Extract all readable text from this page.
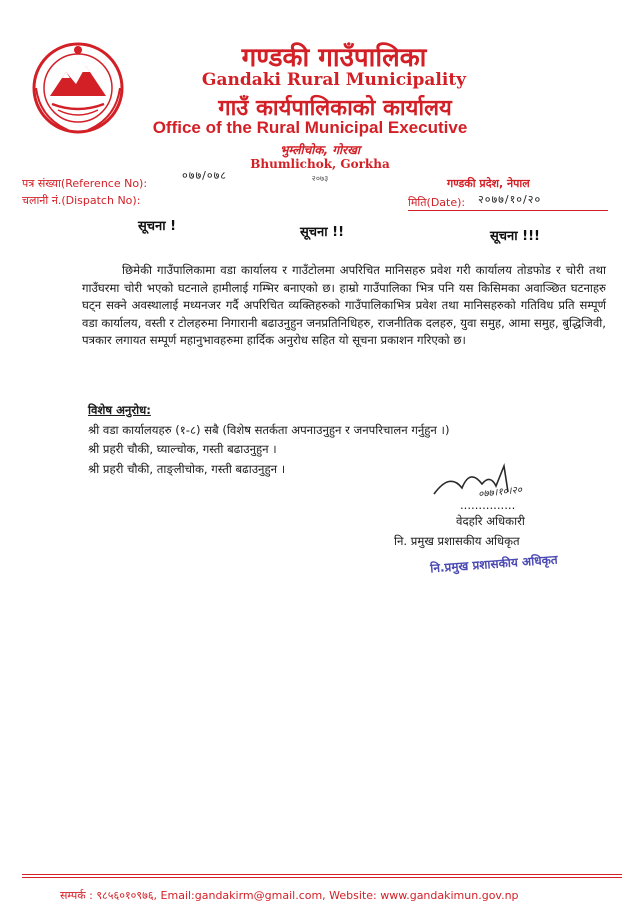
गण्डकी गाउँपालिका
Gandaki Rural Municipality
गाउँ कार्यपालिकाको कार्यालय
Office of the Rural Municipal Executive
भुम्लीचोक, गोरखा
Bhumlichok, Gorkha
२०७३
पत्र संख्या(Reference No):
०७७/०७८
चलानी नं.(Dispatch No):
गण्डकी प्रदेश, नेपाल
मिति(Date): २०७७/१०/२०
सूचना !	सूचना !!	सूचना !!!
छिमेकी गाउँपालिकामा वडा कार्यालय र गाउँटोलमा अपरिचित मानिसहरु प्रवेश गरी कार्यालय तोडफोड र चोरी तथा गाउँघरमा चोरी भएको घटनाले हामीलाई गम्भिर बनाएको छ। हाम्रो गाउँपालिका भित्र पनि यस किसिमका अवाञ्छित घटनाहरु घट्न सक्ने अवस्थालाई मध्यनजर गर्दै अपरिचित व्यक्तिहरुको गाउँपालिकाभित्र प्रवेश तथा मानिसहरुको गतिविध प्रति सम्पूर्ण वडा कार्यालय, वस्ती र टोलहरुमा निगारानी बढाउनुहुन जनप्रतिनिधिहरु, राजनीतिक दलहरु, युवा समुह, आमा समुह, बुद्धिजिवी, पत्रकार लगायत सम्पूर्ण महानुभावहरुमा हार्दिक अनुरोध सहित यो सूचना प्रकाशन गरिएको छ।
विशेष अनुरोध:
श्री वडा कार्यालयहरु (१-८) सबै (विशेष सतर्कता अपनाउनुहुन र जनपरिचालन गर्नुहुन ।)
श्री प्रहरी चौकी, घ्याल्चोक, गस्ती बढाउनुहुन ।
श्री प्रहरी चौकी, ताङ्लीचोक, गस्ती बढाउनुहुन ।
०७७।१०।२०
...............
वेदहरि अधिकारी
नि. प्रमुख प्रशासकीय अधिकृत
नि.प्रमुख प्रशासकीय अधिकृत
सम्पर्क : ९८५६०१०९७६, Email:gandakirm@gmail.com, Website: www.gandakimun.gov.np
